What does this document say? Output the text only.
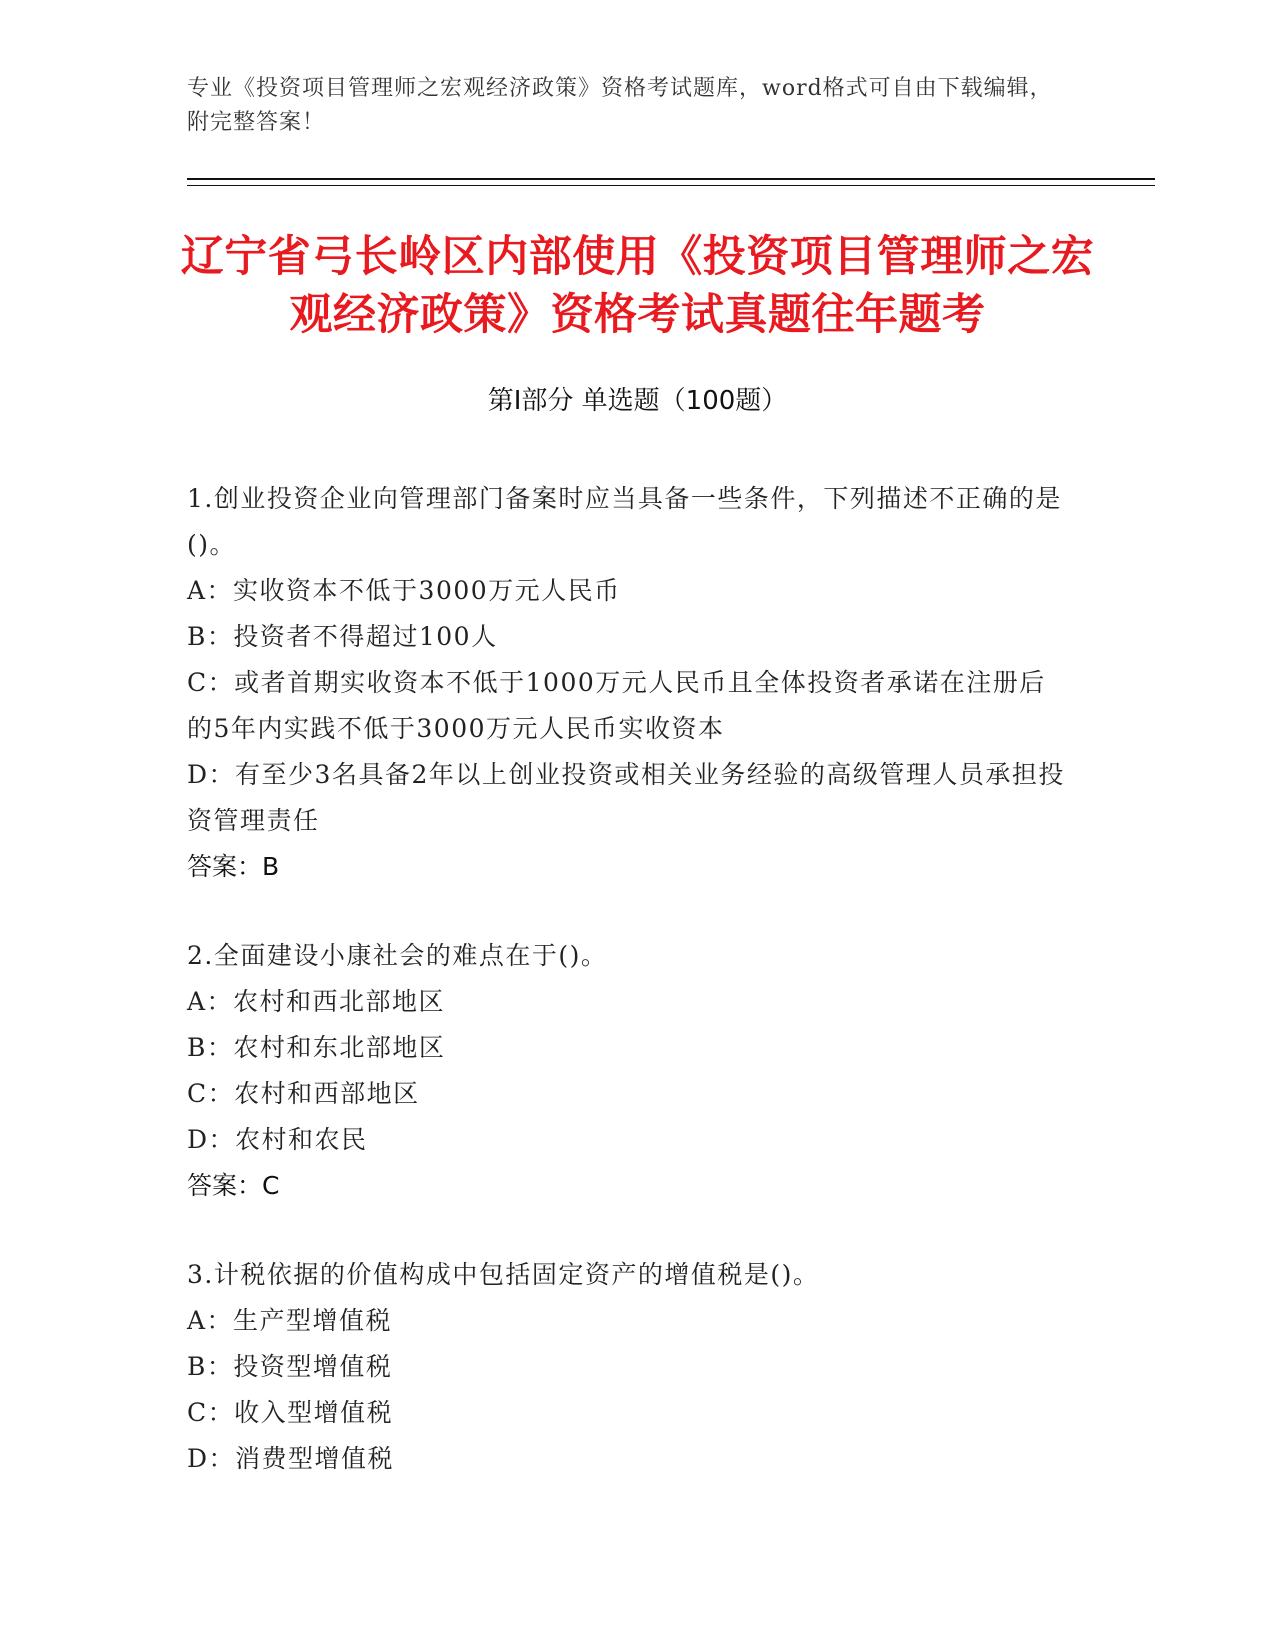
专业《投资项目管理师之宏观经济政策》资格考试题库，word格式可自由下载编辑，附完整答案！
辽宁省弓长岭区内部使用《投资项目管理师之宏观经济政策》资格考试真题往年题考
第Ⅰ部分 单选题（100题）

1.创业投资企业向管理部门备案时应当具备一些条件，下列描述不正确的是()。

A：实收资本不低于3000万元人民币

B：投资者不得超过100人

C：或者首期实收资本不低于1000万元人民币且全体投资者承诺在注册后的5年内实践不低于3000万元人民币实收资本

D：有至少3名具备2年以上创业投资或相关业务经验的高级管理人员承担投资管理责任

答案：B

2.全面建设小康社会的难点在于()。

A：农村和西北部地区

B：农村和东北部地区

C：农村和西部地区

D：农村和农民

答案：C

3.计税依据的价值构成中包括固定资产的增值税是()。

A：生产型增值税

B：投资型增值税

C：收入型增值税

D：消费型增值税
